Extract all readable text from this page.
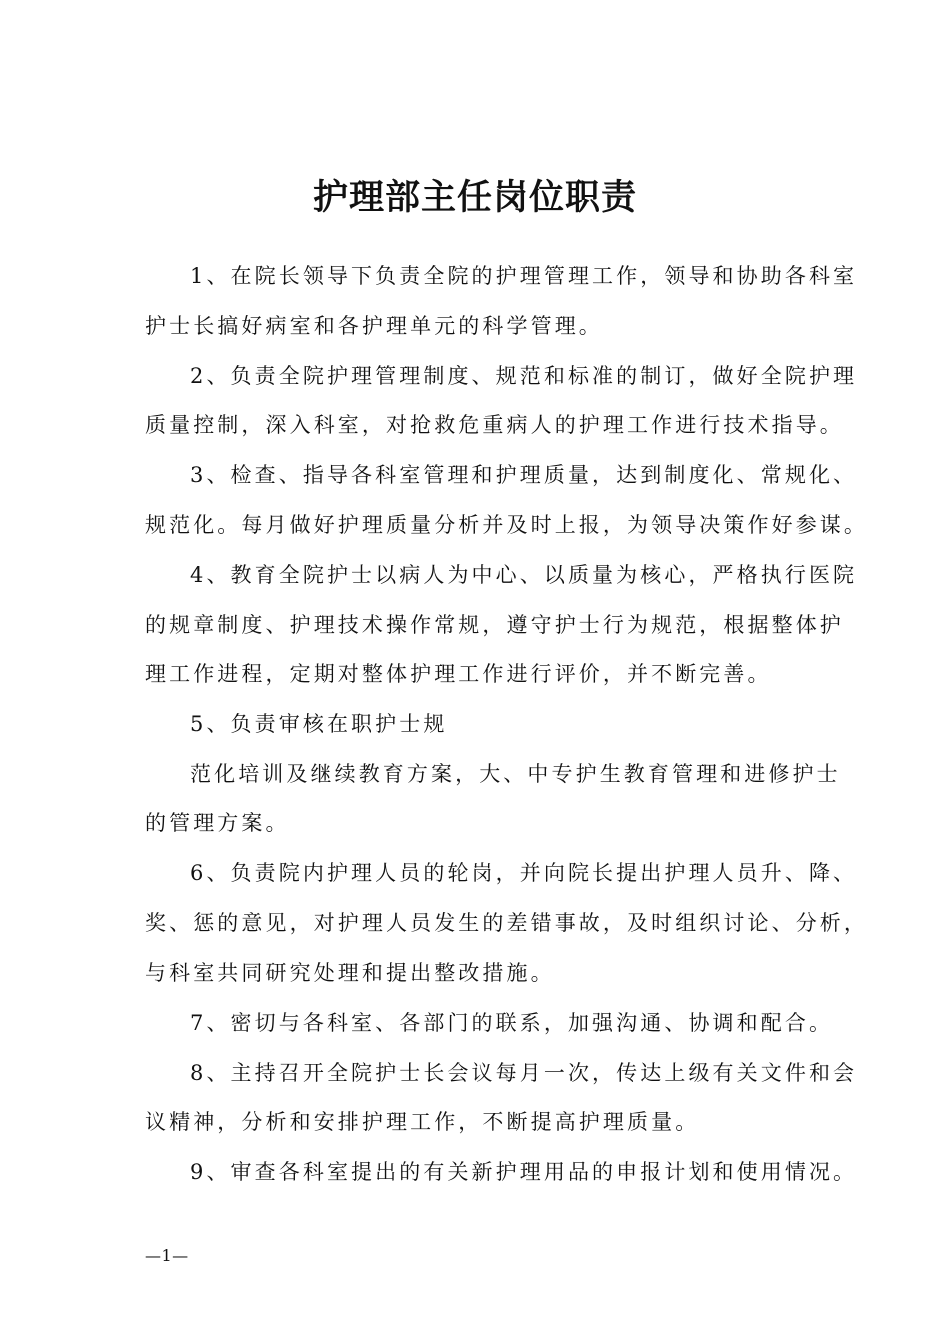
护理部主任岗位职责
1、在院长领导下负责全院的护理管理工作，领导和协助各科室
护士长搞好病室和各护理单元的科学管理。
2、负责全院护理管理制度、规范和标准的制订，做好全院护理
质量控制，深入科室，对抢救危重病人的护理工作进行技术指导。
3、检查、指导各科室管理和护理质量，达到制度化、常规化、
规范化。每月做好护理质量分析并及时上报，为领导决策作好参谋。
4、教育全院护士以病人为中心、以质量为核心，严格执行医院
的规章制度、护理技术操作常规，遵守护士行为规范，根据整体护
理工作进程，定期对整体护理工作进行评价，并不断完善。
5、负责审核在职护士规
范化培训及继续教育方案，大、中专护生教育管理和进修护士
的管理方案。
6、负责院内护理人员的轮岗，并向院长提出护理人员升、降、
奖、惩的意见，对护理人员发生的差错事故，及时组织讨论、分析，
与科室共同研究处理和提出整改措施。
7、密切与各科室、各部门的联系，加强沟通、协调和配合。
8、主持召开全院护士长会议每月一次，传达上级有关文件和会
议精神，分析和安排护理工作，不断提高护理质量。
9、审查各科室提出的有关新护理用品的申报计划和使用情况。
—1—
